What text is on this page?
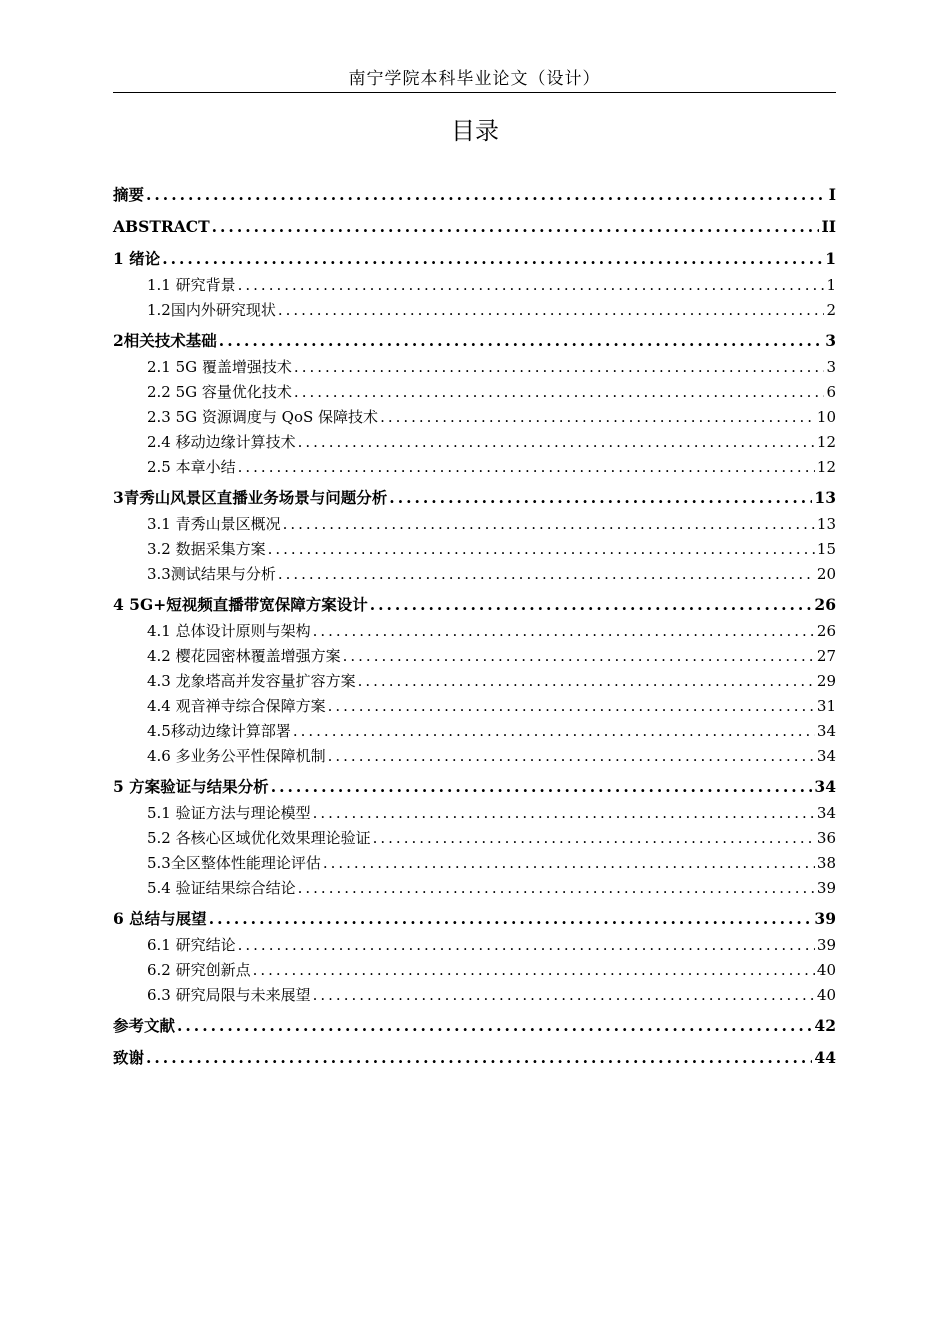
南宁学院本科毕业论文（设计）
目录
摘要 .....	I
ABSTRACT .....	II
1 绪论 .....	1
1.1 研究背景 .....	1
1.2国内外研究现状 .....	2
2相关技术基础 .....	3
2.1 5G 覆盖增强技术 .....	3
2.2 5G 容量优化技术 .....	6
2.3 5G 资源调度与 QoS 保障技术 .....	10
2.4 移动边缘计算技术 .....	12
2.5 本章小结 .....	12
3青秀山风景区直播业务场景与问题分析 .....	13
3.1 青秀山景区概况 .....	13
3.2 数据采集方案 .....	15
3.3测试结果与分析 .....	20
4 5G+短视频直播带宽保障方案设计 .....	26
4.1 总体设计原则与架构 .....	26
4.2 樱花园密林覆盖增强方案 .....	27
4.3 龙象塔高并发容量扩容方案 .....	29
4.4 观音禅寺综合保障方案 .....	31
4.5移动边缘计算部署 .....	34
4.6 多业务公平性保障机制 .....	34
5 方案验证与结果分析 .....	34
5.1 验证方法与理论模型 .....	34
5.2 各核心区域优化效果理论验证 .....	36
5.3全区整体性能理论评估 .....	38
5.4 验证结果综合结论 .....	39
6 总结与展望 .....	39
6.1 研究结论 .....	39
6.2 研究创新点 .....	40
6.3 研究局限与未来展望 .....	40
参考文献 .....	42
致谢 .....	44
